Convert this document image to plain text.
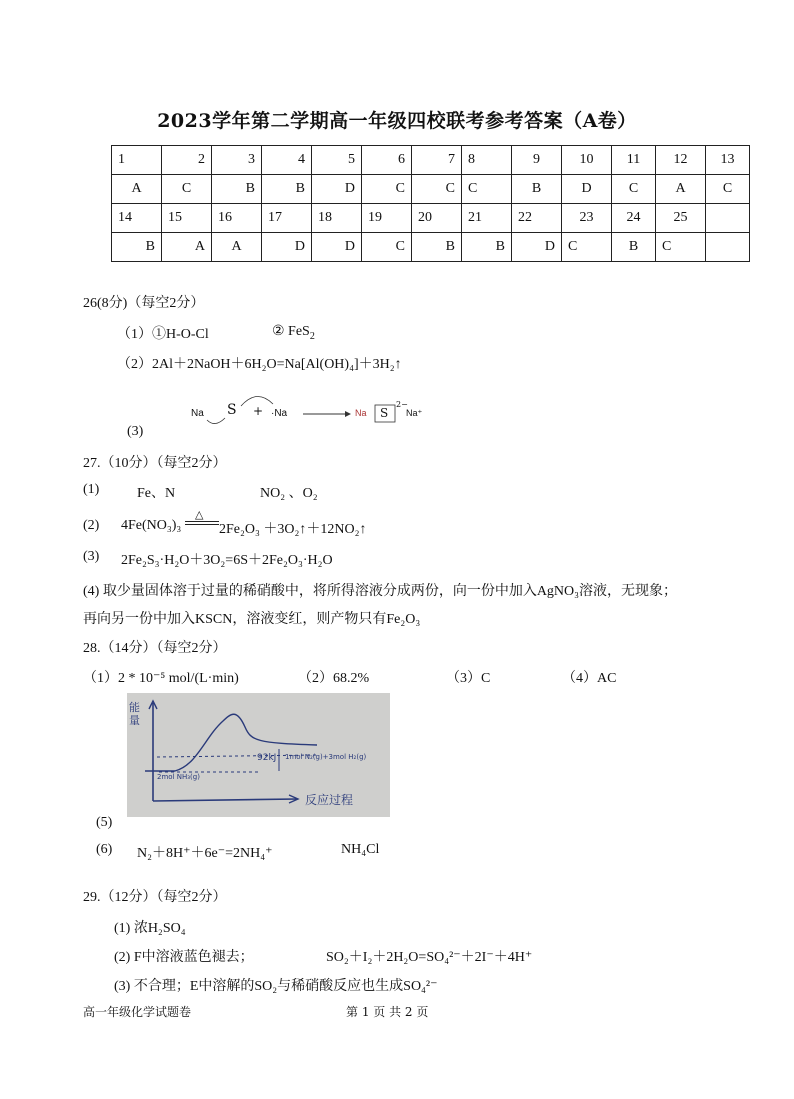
2023学年第二学期高一年级四校联考参考答案（A卷）
1	2	3	4	5	6	7	8	9	10	11	12	13
A	C	B	B	D	C	C	C	B	D	C	A	C
14	15	16	17	18	19	20	21	22	23	24	25	
B	A	A	D	D	C	B	B	D	C	B	C	
26(8分)（每空2分）
（1）①H-O-Cl	② FeS$_2$
（2）2Al＋2NaOH＋6H₂O=Na[Al(OH)₄]＋3H₂↑
Na S + ·Na	Na S
2−
Na⁺
(3)
27.（10分）（每空2分）
(1)	Fe、N	NO₂ 、O₂
(2) 4Fe(NO₃)₃
△
2Fe₂O₃ ＋3O₂↑＋12NO₂↑
(3) 2Fe₂S₃·H₂O＋3O₂=6S＋2Fe₂O₃·H₂O
(4) 取少量固体溶于过量的稀硝酸中，将所得溶液分成两份，向一份中加入AgNO₃溶液，无现象；
再向另一份中加入KSCN，溶液变红，则产物只有Fe₂O₃
28.（14分）（每空2分）
（1）2 * 10⁻⁵ mol/(L·min)	（2）68.2%	（3）C	（4）AC
能量
反应过程
92kJ 1mol N₂(g)+3mol H₂(g)
2mol NH₃(g)
(5)
(6) N₂＋8H⁺＋6e⁻=2NH₄⁺	NH₄Cl
29.（12分）（每空2分）
(1) 浓H₂SO₄
(2) F中溶液蓝色褪去；	SO₂＋I₂＋2H₂O=SO₄²⁻＋2I⁻＋4H⁺
(3) 不合理；E中溶解的SO₂与稀硝酸反应也生成SO₄²⁻
高一年级化学试题卷	第 1 页 共 2 页
